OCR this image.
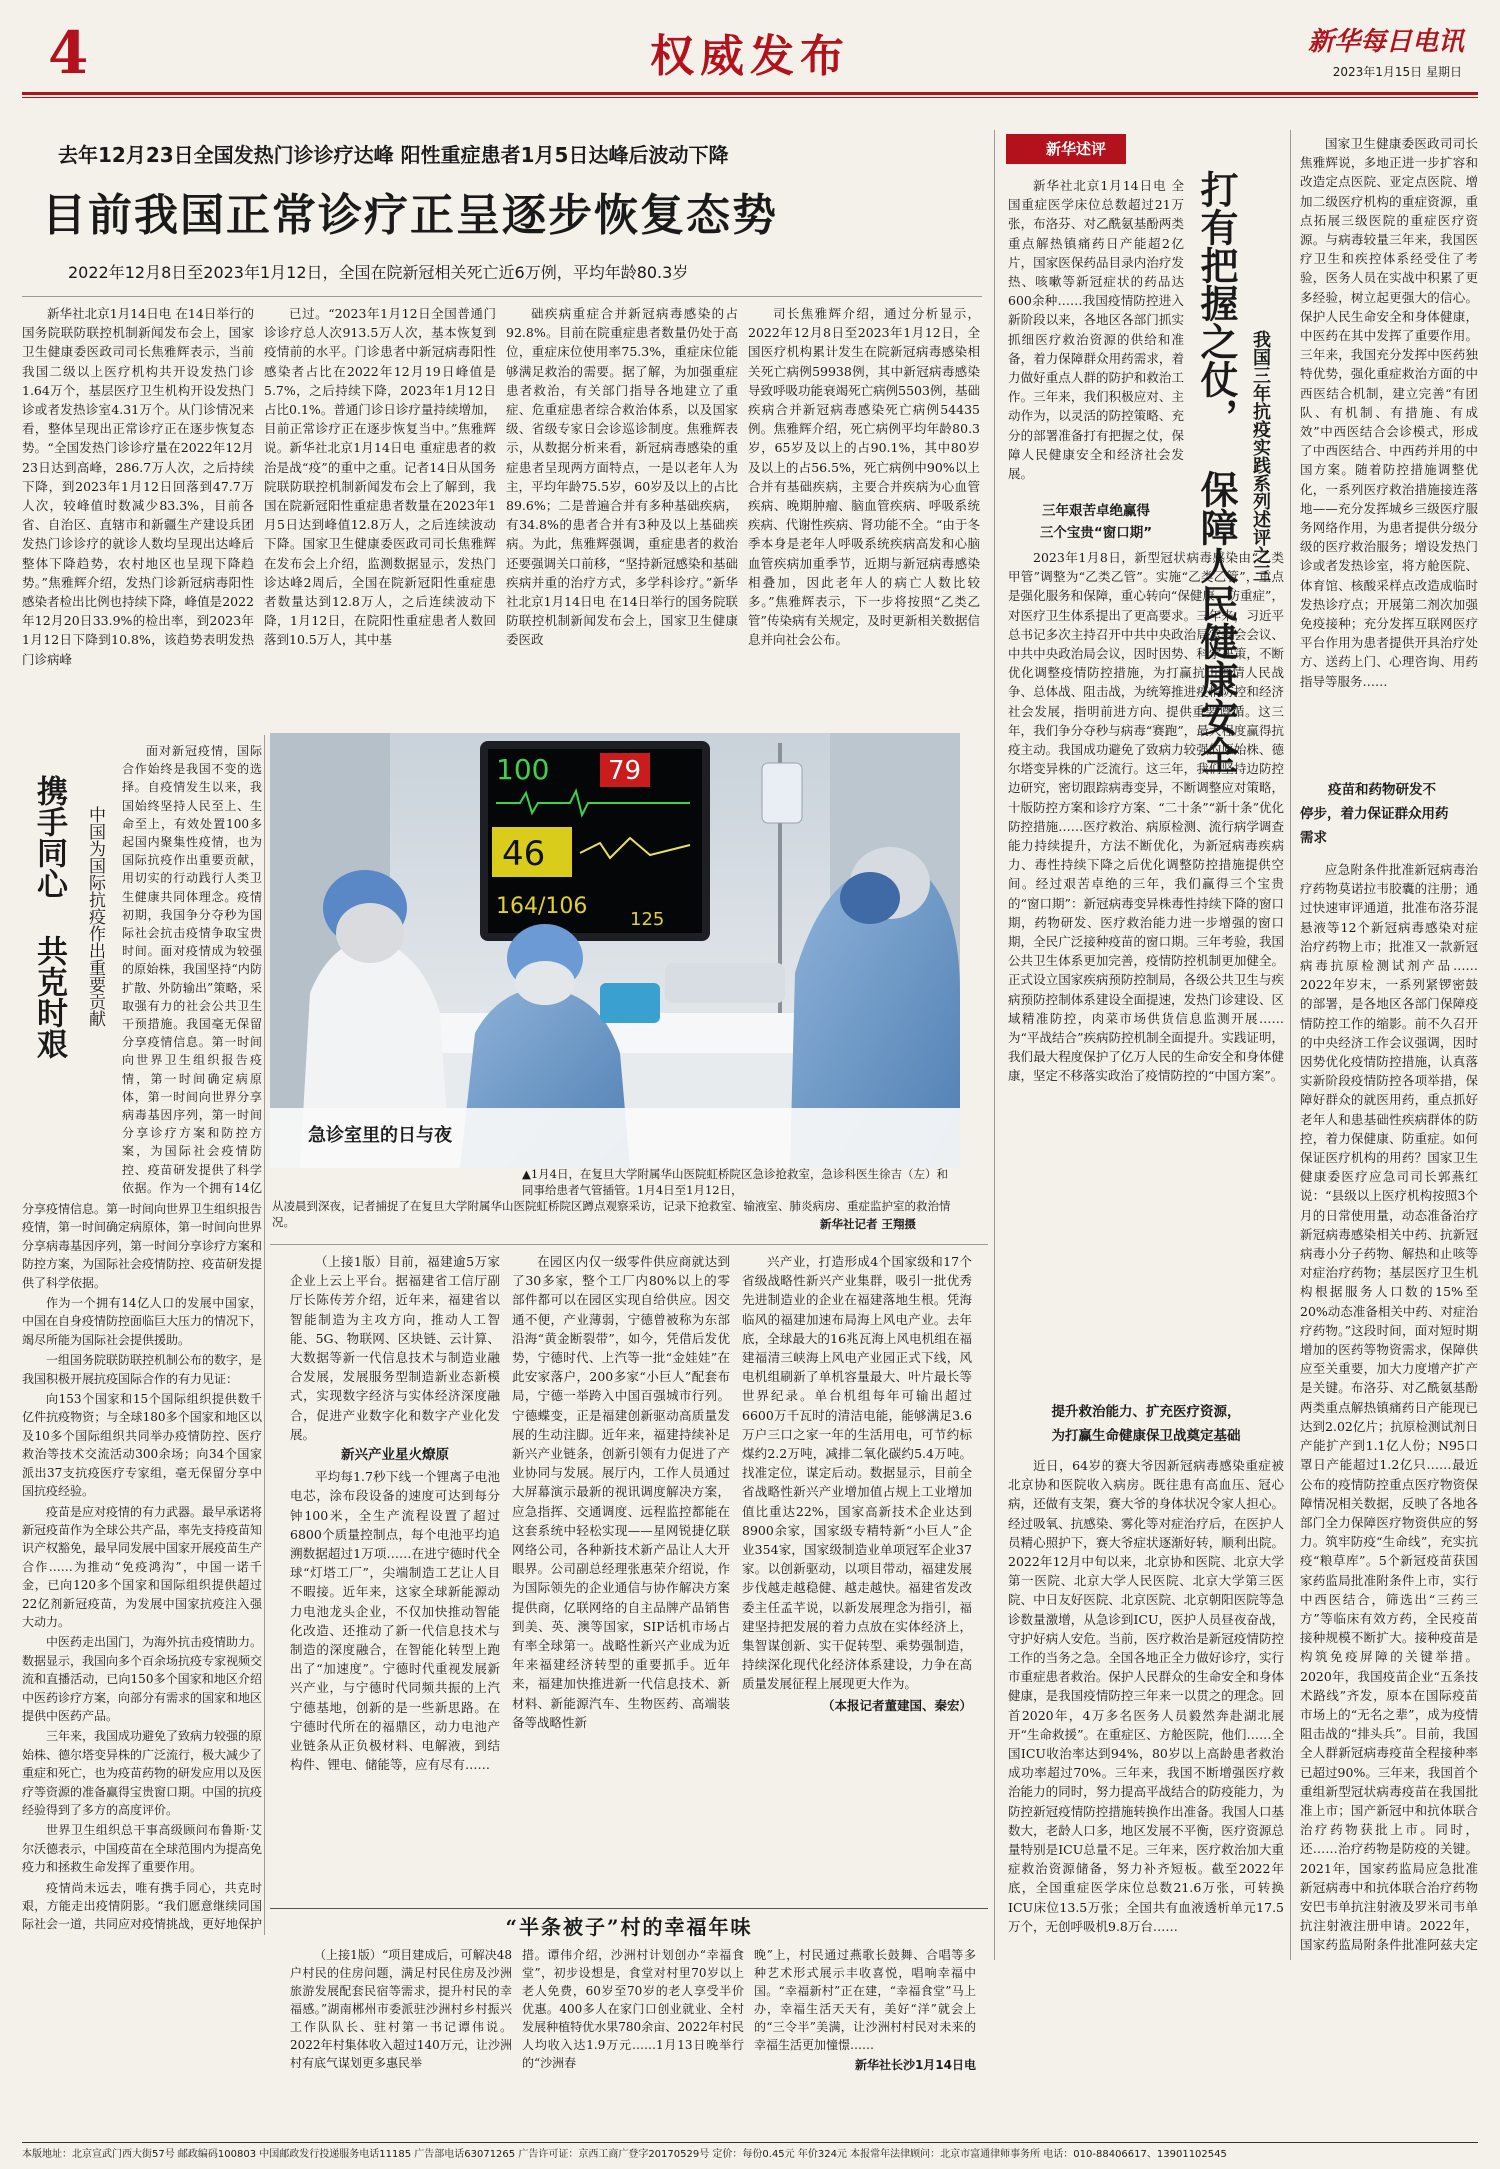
4	权威发布	新华每日电讯
2023年1月15日 星期日
去年12月23日全国发热门诊诊疗达峰 阳性重症患者1月5日达峰后波动下降
目前我国正常诊疗正呈逐步恢复态势
2022年12月8日至2023年1月12日，全国在院新冠相关死亡近6万例，平均年龄80.3岁

新华社北京1月14日电 在14日举行的国务院联防联控机制新闻发布会上，国家卫生健康委医政司司长焦雅辉表示，当前我国二级以上医疗机构共开设发热门诊1.64万个，基层医疗卫生机构开设发热门诊或者发热诊室4.31万个。从门诊情况来看，整体呈现出正常诊疗正在逐步恢复态势。“全国发热门诊诊疗量在2022年12月23日达到高峰，286.7万人次，之后持续下降，到2023年1月12日回落到47.7万人次，较峰值时数减少83.3%，目前各省、自治区、直辖市和新疆生产建设兵团发热门诊诊疗的就诊人数均呈现出达峰后整体下降趋势，农村地区也呈现下降趋势。”焦雅辉介绍，发热门诊新冠病毒阳性感染者检出比例也持续下降，峰值是2022年12月20日33.9%的检出率，到2023年1月12日下降到10.8%，该趋势表明发热门诊病峰

已过。“2023年1月12日全国普通门诊诊疗总人次913.5万人次，基本恢复到疫情前的水平。门诊患者中新冠病毒阳性感染者占比在2022年12月19日峰值是5.7%，之后持续下降，2023年1月12日占比0.1%。普通门诊日诊疗量持续增加，目前正常诊疗正在逐步恢复当中。”焦雅辉说。新华社北京1月14日电 重症患者的救治是战“疫”的重中之重。记者14日从国务院联防联控机制新闻发布会上了解到，我国在院新冠阳性重症患者数量在2023年1月5日达到峰值12.8万人，之后连续波动下降。国家卫生健康委医政司司长焦雅辉在发布会上介绍，监测数据显示，发热门诊达峰2周后，全国在院新冠阳性重症患者数量达到12.8万人，之后连续波动下降，1月12日，在院阳性重症患者人数回落到10.5万人，其中基

础疾病重症合并新冠病毒感染的占92.8%。目前在院重症患者数量仍处于高位，重症床位使用率75.3%，重症床位能够满足救治的需要。据了解，为加强重症患者救治，有关部门指导各地建立了重症、危重症患者综合救治体系，以及国家级、省级专家日会诊巡诊制度。焦雅辉表示，从数据分析来看，新冠病毒感染的重症患者呈现两方面特点，一是以老年人为主，平均年龄75.5岁，60岁及以上的占比89.6%；二是普遍合并有多种基础疾病，有34.8%的患者合并有3种及以上基础疾病。为此，焦雅辉强调，重症患者的救治还要强调关口前移，“坚持新冠感染和基础疾病并重的治疗方式，多学科诊疗。”新华社北京1月14日电 在14日举行的国务院联防联控机制新闻发布会上，国家卫生健康委医政

司长焦雅辉介绍，通过分析显示，2022年12月8日至2023年1月12日，全国医疗机构累计发生在院新冠病毒感染相关死亡病例59938例，其中新冠病毒感染导致呼吸功能衰竭死亡病例5503例，基础疾病合并新冠病毒感染死亡病例54435例。焦雅辉介绍，死亡病例平均年龄80.3岁，65岁及以上的占90.1%，其中80岁及以上的占56.5%，死亡病例中90%以上合并有基础疾病，主要合并疾病为心血管疾病、晚期肿瘤、脑血管疾病、呼吸系统疾病、代谢性疾病、肾功能不全。“由于冬季本身是老年人呼吸系统疾病高发和心脑血管疾病加重季节，近期与新冠病毒感染相叠加，因此老年人的病亡人数比较多。”焦雅辉表示，下一步将按照“乙类乙管”传染病有关规定，及时更新相关数据信息并向社会公布。

携手同心
共克时艰 中国为国际抗疫作出重要贡献

面对新冠疫情，国际合作始终是我国不变的选择。自疫情发生以来，我国始终坚持人民至上、生命至上，有效处置100多起国内聚集性疫情，也为国际抗疫作出重要贡献，用切实的行动践行人类卫生健康共同体理念。疫情初期，我国争分夺秒为国际社会抗击疫情争取宝贵时间。面对疫情成为较强的原始株，我国坚持“内防扩散、外防输出”策略，采取强有力的社会公共卫生干预措施。我国毫无保留分享疫情信息。第一时间向世界卫生组织报告疫情，第一时间确定病原体，第一时间向世界分享病毒基因序列，第一时间分享诊疗方案和防控方案，为国际社会疫情防控、疫苗研发提供了科学依据。作为一个拥有14亿

分享疫情信息。第一时间向世界卫生组织报告疫情，第一时间确定病原体，第一时间向世界分享病毒基因序列，第一时间分享诊疗方案和防控方案，为国际社会疫情防控、疫苗研发提供了科学依据。

作为一个拥有14亿人口的发展中国家，中国在自身疫情防控面临巨大压力的情况下，竭尽所能为国际社会提供援助。

一组国务院联防联控机制公布的数字，是我国积极开展抗疫国际合作的有力见证：

向153个国家和15个国际组织提供数千亿件抗疫物资；与全球180多个国家和地区以及10多个国际组织共同举办疫情防控、医疗救治等技术交流活动300余场；向34个国家派出37支抗疫医疗专家组，毫无保留分享中国抗疫经验。

疫苗是应对疫情的有力武器。最早承诺将新冠疫苗作为全球公共产品，率先支持疫苗知识产权豁免，最早同发展中国家开展疫苗生产合作……为推动“免疫鸿沟”，中国一诺千金，已向120多个国家和国际组织提供超过22亿剂新冠疫苗，为发展中国家抗疫注入强大动力。

中医药走出国门，为海外抗击疫情助力。数据显示，我国向多个百余场抗疫专家视频交流和直播活动，已向150多个国家和地区介绍中医药诊疗方案，向部分有需求的国家和地区提供中医药产品。

三年来，我国成功避免了致病力较强的原始株、德尔塔变异株的广泛流行，极大减少了重症和死亡，也为疫苗药物的研发应用以及医疗等资源的准备赢得宝贵窗口期。中国的抗疫经验得到了多方的高度评价。

世界卫生组织总干事高级顾问布鲁斯·艾尔沃德表示，中国疫苗在全球范围内为提高免疫力和拯救生命发挥了重要作用。

疫情尚未远去，唯有携手同心，共克时艰，方能走出疫情阴影。“我们愿意继续同国际社会一道，共同应对疫情挑战，更好地保护

100 79
46
164/106
125
急诊室里的日与夜
▲1月4日，在复旦大学附属华山医院虹桥院区急诊抢救室，急诊科医生徐吉（左）和同事给患者气管插管。1月4日至1月12日，
从凌晨到深夜，记者捕捉了在复旦大学附属华山医院虹桥院区蹲点观察采访，记录下抢救室、输液室、肺炎病房、重症监护室的救治情况。	新华社记者 王翔摄

（上接1版）目前，福建逾5万家企业上云上平台。据福建省工信厅副厅长陈传芳介绍，近年来，福建省以智能制造为主攻方向，推动人工智能、5G、物联网、区块链、云计算、大数据等新一代信息技术与制造业融合发展，发展服务型制造新业态新模式，实现数字经济与实体经济深度融合，促进产业数字化和数字产业化发展。

新兴产业星火燎原

平均每1.7秒下线一个锂离子电池电芯，涂布段设备的速度可达到每分钟100米，全生产流程设置了超过6800个质量控制点，每个电池平均追溯数据超过1万项……在进宁德时代全球“灯塔工厂”，尖端制造工艺让人目不暇接。近年来，这家全球新能源动力电池龙头企业，不仅加快推动智能化改造、还推动了新一代信息技术与制造的深度融合，在智能化转型上跑出了“加速度”。宁德时代重视发展新兴产业，与宁德时代同频共振的上汽宁德基地，创新的是一些新思路。在宁德时代所在的福鼎区，动力电池产业链条从正负极材料、电解液，到结构件、锂电、储能等，应有尽有……

在园区内仅一级零件供应商就达到了30多家，整个工厂内80%以上的零部件都可以在园区实现自给供应。因交通不便，产业薄弱，宁德曾被称为东部沿海“黄金断裂带”，如今，凭借后发优势，宁德时代、上汽等一批“金娃娃”在此安家落户，200多家“小巨人”配套布局，宁德一举跨入中国百强城市行列。宁德蝶变，正是福建创新驱动高质量发展的生动注脚。近年来，福建持续补足新兴产业链条，创新引领有力促进了产业协同与发展。展厅内，工作人员通过大屏幕演示最新的视讯调度解决方案，应急指挥、交通调度、远程监控都能在这套系统中轻松实现——星网锐捷亿联网络公司，各种新技术新产品让人大开眼界。公司副总经理张惠荣介绍说，作为国际领先的企业通信与协作解决方案提供商，亿联网络的自主品牌产品销售到美、英、澳等国家，SIP话机市场占有率全球第一。战略性新兴产业成为近年来福建经济转型的重要抓手。近年来，福建加快推进新一代信息技术、新材料、新能源汽车、生物医药、高端装备等战略性新

兴产业，打造形成4个国家级和17个省级战略性新兴产业集群，吸引一批优秀先进制造业的企业在福建落地生根。凭海临风的福建加速布局海上风电产业。去年底，全球最大的16兆瓦海上风电机组在福建福清三峡海上风电产业园正式下线，风电机组刷新了单机容量最大、叶片最长等世界纪录。单台机组每年可输出超过6600万千瓦时的清洁电能，能够满足3.6万户三口之家一年的生活用电，可节约标煤约2.2万吨，减排二氧化碳约5.4万吨。找准定位，谋定后动。数据显示，目前全省战略性新兴产业增加值占规上工业增加值比重达22%，国家高新技术企业达到8900余家，国家级专精特新“小巨人”企业354家，国家级制造业单项冠军企业37家。以创新驱动，以项目带动，福建发展步伐越走越稳健、越走越快。福建省发改委主任孟芊说，以新发展理念为指引，福建坚持把发展的着力点放在实体经济上，集智谋创新、实干促转型、乘势强制造，持续深化现代化经济体系建设，力争在高质量发展征程上展现更大作为。

（本报记者董建国、秦宏）

“半条被子”村的幸福年味

（上接1版）“项目建成后，可解决48户村民的住房问题，满足村民住房及沙洲旅游发展配套民宿等需求，提升村民的幸福感。”湖南郴州市委派驻沙洲村乡村振兴工作队队长、驻村第一书记谭伟说。2022年村集体收入超过140万元，让沙洲村有底气谋划更多惠民举

措。谭伟介绍，沙洲村计划创办“幸福食堂”，初步设想是，食堂对村里70岁以上老人免费，60岁至70岁的老人享受半价优惠。400多人在家门口创业就业、全村发展种植特优水果780余亩、2022年村民人均收入达1.9万元……1月13日晚举行的“沙洲春

晚”上，村民通过燕歌长鼓舞、合唱等多种艺术形式展示丰收喜悦，唱响幸福中国。“幸福新村”正在建，“幸福食堂”马上办，幸福生活天天有，美好“洋”就会上的“三令半”美满，让沙洲村村民对未来的幸福生活更加憧憬……

新华社长沙1月14日电

新华述评
打有把握之仗，
保障人民健康安全
我国三年抗疫实践系列述评之三

新华社北京1月14日电 全国重症医学床位总数超过21万张，布洛芬、对乙酰氨基酚两类重点解热镇痛药日产能超2亿片，国家医保药品目录内治疗发热、咳嗽等新冠症状的药品达600余种……我国疫情防控进入新阶段以来，各地区各部门抓实抓细医疗救治资源的供给和准备，着力保障群众用药需求，着力做好重点人群的防护和救治工作。三年来，我们积极应对、主动作为，以灵活的防控策略、充分的部署准备打有把握之仗，保障人民健康安全和经济社会发展。

三年艰苦卓绝赢得
三个宝贵“窗口期”

2023年1月8日，新型冠状病毒感染由“乙类甲管”调整为“乙类乙管”。实施“乙类乙管”，重点是强化服务和保障，重心转向“保健康、防重症”，对医疗卫生体系提出了更高要求。三年来，习近平总书记多次主持召开中共中央政治局常委会会议、中共中央政治局会议，因时因势、科学决策，不断优化调整疫情防控措施，为打赢抗击疫情人民战争、总体战、阻击战，为统筹推进疫情防控和经济社会发展，指明前进方向、提供重要遵循。这三年，我们争分夺秒与病毒“赛跑”，最大程度赢得抗疫主动。我国成功避免了致病力较强的原始株、德尔塔变异株的广泛流行。这三年，我们坚持边防控边研究，密切跟踪病毒变异，不断调整应对策略，十版防控方案和诊疗方案、“二十条”“新十条”优化防控措施……医疗救治、病原检测、流行病学调查能力持续提升，方法不断优化，为新冠病毒疾病力、毒性持续下降之后优化调整防控措施提供空间。经过艰苦卓绝的三年，我们赢得三个宝贵的“窗口期”：新冠病毒变异株毒性持续下降的窗口期，药物研发、医疗救治能力进一步增强的窗口期，全民广泛接种疫苗的窗口期。三年考验，我国公共卫生体系更加完善，疫情防控机制更加健全。正式设立国家疾病预防控制局，各级公共卫生与疾病预防控制体系建设全面提速，发热门诊建设、区域精准防控，肉菜市场供货信息监测开展……为“平战结合”疾病防控机制全面提升。实践证明，我们最大程度保护了亿万人民的生命安全和身体健康，坚定不移落实政治了疫情防控的“中国方案”。

提升救治能力、扩充医疗资源，
为打赢生命健康保卫战奠定基础

近日，64岁的赛大爷因新冠病毒感染重症被北京协和医院收入病房。既往患有高血压、冠心病，还做有支架，赛大爷的身体状况令家人担心。经过吸氧、抗感染、雾化等对症治疗后，在医护人员精心照护下，赛大爷症状逐渐好转，顺利出院。2022年12月中旬以来，北京协和医院、北京大学第一医院、北京大学人民医院、北京大学第三医院、中日友好医院、北京医院、北京朝阳医院等急诊数量激增，从急诊到ICU，医护人员昼夜奋战，守护好病人安危。当前，医疗救治是新冠疫情防控工作的当务之急。全国各地正全力做好诊疗，实行市重症患者救治。保护人民群众的生命安全和身体健康，是我国疫情防控三年来一以贯之的理念。回首2020年，4万多名医务人员毅然奔赴湖北展开“生命救援”。在重症区、方舱医院，他们……全国ICU收治率达到94%，80岁以上高龄患者救治成功率超过70%。三年来，我国不断增强医疗救治能力的同时，努力提高平战结合的防疫能力，为防控新冠疫情防控措施转换作出准备。我国人口基数大，老龄人口多，地区发展不平衡，医疗资源总量特别是ICU总量不足。三年来，医疗救治加大重症救治资源储备，努力补齐短板。截至2022年底，全国重症医学床位总数21.6万张，可转换ICU床位13.5万张；全国共有血液透析单元17.5万个，无创呼吸机9.8万台……

国家卫生健康委医政司司长焦雅辉说，多地正进一步扩容和改造定点医院、亚定点医院、增加二级医疗机构的重症资源，重点拓展三级医院的重症医疗资源。与病毒较量三年来，我国医疗卫生和疾控体系经受住了考验，医务人员在实战中积累了更多经验，树立起更强大的信心。保护人民生命安全和身体健康，中医药在其中发挥了重要作用。三年来，我国充分发挥中医药独特优势，强化重症救治方面的中西医结合机制，建立完善“有团队、有机制、有措施、有成效”中西医结合会诊模式，形成了中西医结合、中西药并用的中国方案。随着防控措施调整优化，一系列医疗救治措施接连落地——充分发挥城乡三级医疗服务网络作用，为患者提供分级分级的医疗救治服务；增设发热门诊或者发热诊室，将方舱医院、体育馆、核酸采样点改造成临时发热诊疗点；开展第二剂次加强免疫接种；充分发挥互联网医疗平台作用为患者提供开具治疗处方、送药上门、心理咨询、用药指导等服务……

疫苗和药物研发不
停步，着力保证群众用药
需求

应急附条件批准新冠病毒治疗药物莫诺拉韦胶囊的注册；通过快速审评通道，批准布洛芬混悬液等12个新冠病毒感染对症治疗药物上市；批准又一款新冠病毒抗原检测试剂产品……2022年岁末，一系列紧锣密鼓的部署，是各地区各部门保障疫情防控工作的缩影。前不久召开的中央经济工作会议强调，因时因势优化疫情防控措施，认真落实新阶段疫情防控各项举措，保障好群众的就医用药，重点抓好老年人和患基础性疾病群体的防控，着力保健康、防重症。如何保证医疗机构的用药？国家卫生健康委医疗应急司司长郭燕红说：“县级以上医疗机构按照3个月的日常使用量，动态准备治疗新冠病毒感染相关中药、抗新冠病毒小分子药物、解热和止咳等对症治疗药物；基层医疗卫生机构根据服务人口数的15%至20%动态准备相关中药、对症治疗药物。”这段时间，面对短时期增加的医药等物资需求，保障供应至关重要，加大力度增产扩产是关键。布洛芬、对乙酰氨基酚两类重点解热镇痛药日产能现已达到2.02亿片；抗原检测试剂日产能扩产到1.1亿人份；N95口罩日产能超过1.2亿只……最近公布的疫情防控重点医疗物资保障情况相关数据，反映了各地各部门全力保障医疗物资供应的努力。筑牢防疫“生命线”，充实抗疫“粮草库”。5个新冠疫苗获国家药监局批准附条件上市，实行中西医结合，筛选出“三药三方”等临床有效方药，全民疫苗接种规模不断扩大。接种疫苗是构筑免疫屏障的关键举措。2020年，我国疫苗企业“五条技术路线”齐发，原本在国际疫苗市场上的“无名之辈”，成为疫情阻击战的“排头兵”。目前，我国全人群新冠病毒疫苗全程接种率已超过90%。三年来，我国首个重组新型冠状病毒疫苗在我国批准上市；国产新冠中和抗体联合治疗药物获批上市。同时，还……治疗药物是防疫的关键。2021年，国家药监局应急批准新冠病毒中和抗体联合治疗药物安巴韦单抗注射液及罗米司韦单抗注射液注册申请。2022年，国家药监局附条件批准阿兹夫定

本版地址：北京宣武门西大街57号 邮政编码100803 中国邮政发行投递服务电话11185 广告部电话63071265 广告许可证：京西工商广登字20170529号 定价：每份0.45元 年价324元 本报常年法律顾问：北京市富通律师事务所 电话：010-88406617、13901102545
